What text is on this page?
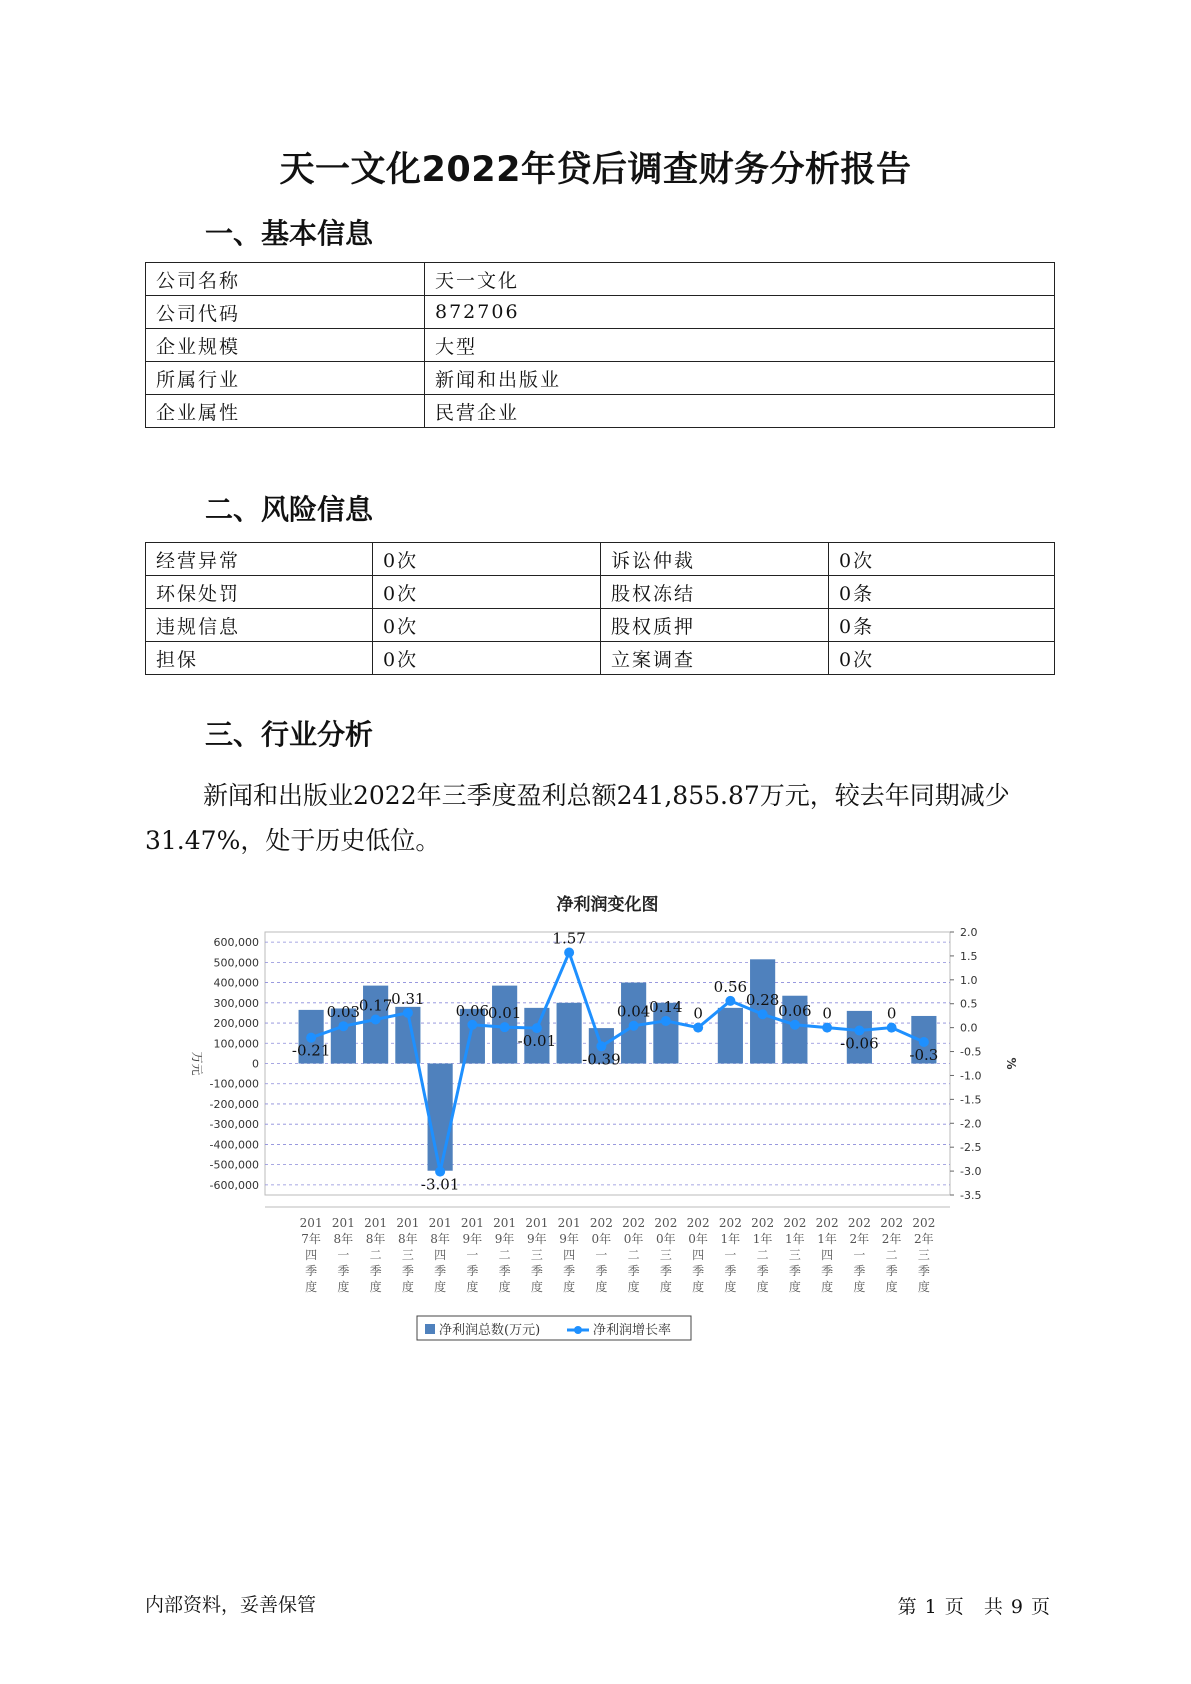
天一文化2022年贷后调查财务分析报告
一、基本信息
公司名称	天一文化
公司代码	872706
企业规模	大型
所属行业	新闻和出版业
企业属性	民营企业
二、风险信息
经营异常	0次	诉讼仲裁	0次
环保处罚	0次	股权冻结	0条
违规信息	0次	股权质押	0条
担保	0次	立案调查	0次
三、行业分析
新闻和出版业2022年三季度盈利总额241,855.87万元，较去年同期减少31.47%，处于历史低位。
净利润变化图
600,000
500,000
400,000
300,000
200,000
100,000
0
-100,000
-200,000
-300,000
-400,000
-500,000
-600,000
2.0
1.5
1.0
0.5
0.0
-0.5
-1.0
-1.5
-2.0
-2.5
-3.0
-3.5
万元	%
-0.21
0.03
0.17
0.31
-3.01
0.06
0.01
-0.01
1.57
-0.39
0.04
0.14 0
0.56
0.28
0.06 0
-0.06
0
-0.3
201 7年四季度
201 8年一季度
201 8年二季度
201 8年三季度
201 8年四季度
201 9年一季度
201 9年二季度
201 9年三季度
201 9年四季度
202 0年一季度
202 0年二季度
202 0年三季度
202 0年四季度
202 1年一季度
202 1年二季度
202 1年三季度
202 1年四季度
202 2年一季度
202 2年二季度
202 2年三季度
净利润总数(万元)	净利润增长率
内部资料，妥善保管	第 1 页 共 9 页
